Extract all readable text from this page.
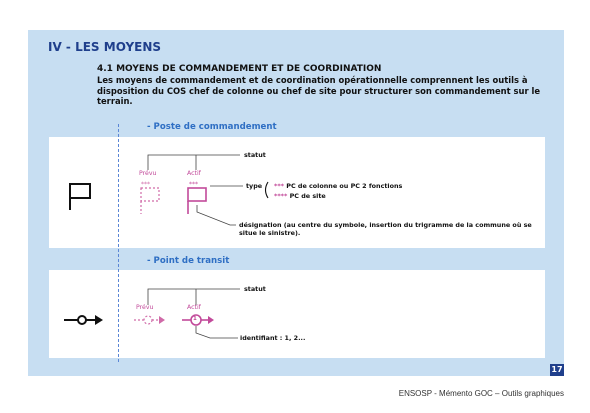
IV - LES MOYENS
4.1 MOYENS DE COMMANDEMENT ET DE COORDINATION

Les moyens de commandement et de coordination opérationnelle comprennent les outils à disposition du COS chef de colonne ou chef de site pour structurer son commandement sur le terrain.

- Poste de commandement

- Point de transit

***	***

statut

Prévu	Actif

type *** PC de colonne ou PC 2 fonctions

**** PC de site

désignation (au centre du symbole, insertion du trigramme de la commune où se situe le sinistre).

statut

Prévu	Actif

1

identifiant : 1, 2...

17

ENSOSP - Mémento GOC – Outils graphiques
